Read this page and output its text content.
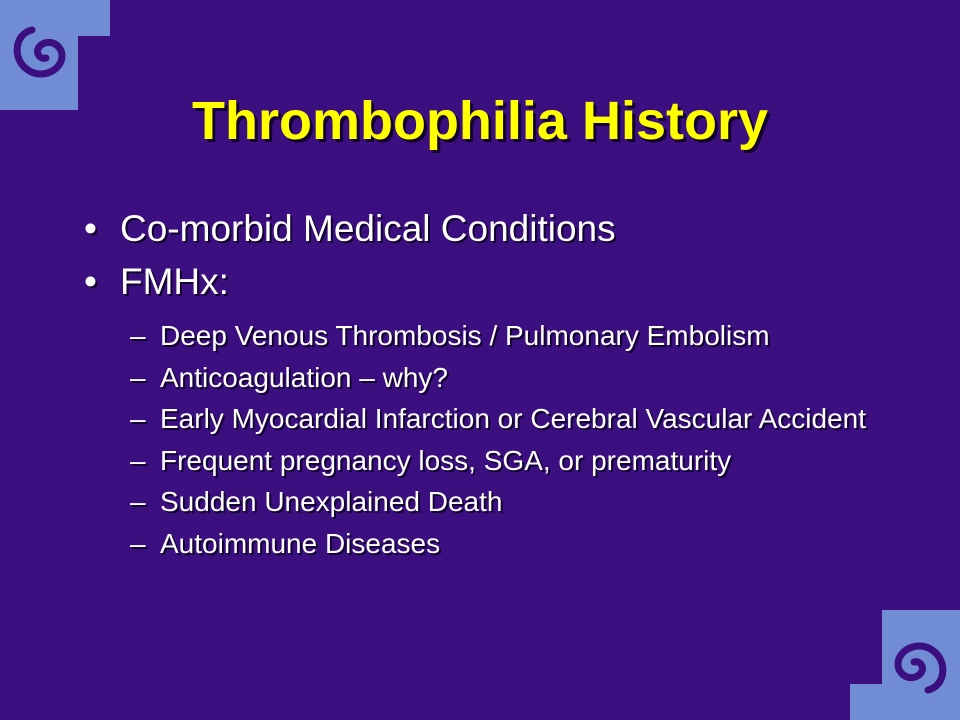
Thrombophilia History
• Co-morbid Medical Conditions
• FMHx:
– Deep Venous Thrombosis / Pulmonary Embolism
– Anticoagulation – why?
– Early Myocardial Infarction or Cerebral Vascular Accident
– Frequent pregnancy loss, SGA, or prematurity
– Sudden Unexplained Death
– Autoimmune Diseases
